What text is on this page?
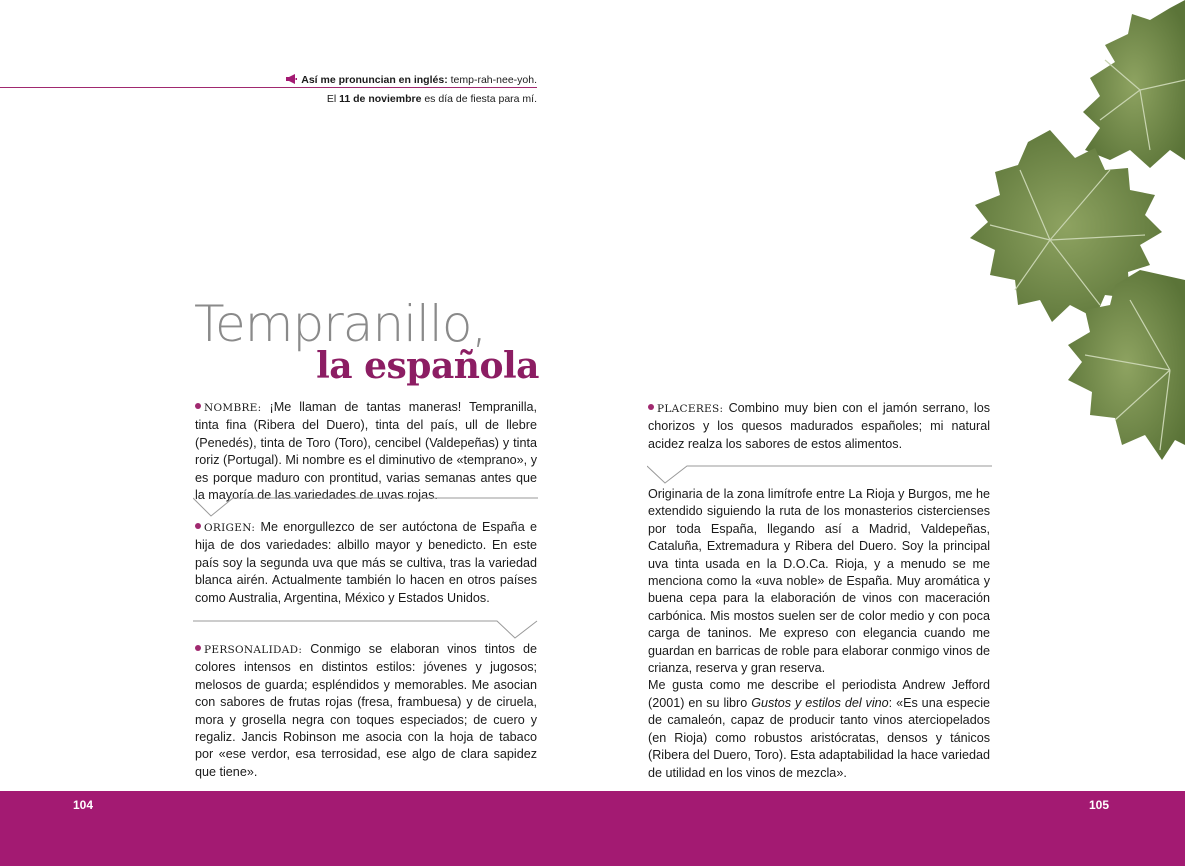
Así me pronuncian en inglés: temp-rah-nee-yoh.
El 11 de noviembre es día de fiesta para mí.
Tempranillo,
la española

NOMBRE: ¡Me llaman de tantas maneras! Tempranilla, tinta fina (Ribera del Duero), tinta del país, ull de llebre (Penedés), tinta de Toro (Toro), cencibel (Valdepeñas) y tinta roriz (Portugal). Mi nombre es el diminutivo de «temprano», y es porque maduro con prontitud, varias semanas antes que la mayoría de las variedades de uvas rojas.

ORIGEN: Me enorgullezco de ser autóctona de España e hija de dos variedades: albillo mayor y benedicto. En este país soy la segunda uva que más se cultiva, tras la variedad blanca airén. Actualmente también lo hacen en otros países como Australia, Argentina, México y Estados Unidos.

PERSONALIDAD: Conmigo se elaboran vinos tintos de colores intensos en distintos estilos: jóvenes y jugosos; melosos de guarda; espléndidos y memorables. Me asocian con sabores de frutas rojas (fresa, frambuesa) y de ciruela, mora y grosella negra con toques especiados; de cuero y regaliz. Jancis Robinson me asocia con la hoja de tabaco por «ese verdor, esa terrosidad, ese algo de clara sapidez que tiene».

PLACERES: Combino muy bien con el jamón serrano, los chorizos y los quesos madurados españoles; mi natural acidez realza los sabores de estos alimentos.

Originaria de la zona limítrofe entre La Rioja y Burgos, me he extendido siguiendo la ruta de los monasterios cistercienses por toda España, llegando así a Madrid, Valdepeñas, Cataluña, Extremadura y Ribera del Duero. Soy la principal uva tinta usada en la D.O.Ca. Rioja, y a menudo se me menciona como la «uva noble» de España. Muy aromática y buena cepa para la elaboración de vinos con maceración carbónica. Mis mostos suelen ser de color medio y con poca carga de taninos. Me expreso con elegancia cuando me guardan en barricas de roble para elaborar conmigo vinos de crianza, reserva y gran reserva.

Me gusta como me describe el periodista Andrew Jefford (2001) en su libro Gustos y estilos del vino: «Es una especie de camaleón, capaz de producir tanto vinos aterciopelados (en Rioja) como robustos aristócratas, densos y tánicos (Ribera del Duero, Toro). Esta adaptabilidad la hace variedad de utilidad en los vinos de mezcla».

104	105
